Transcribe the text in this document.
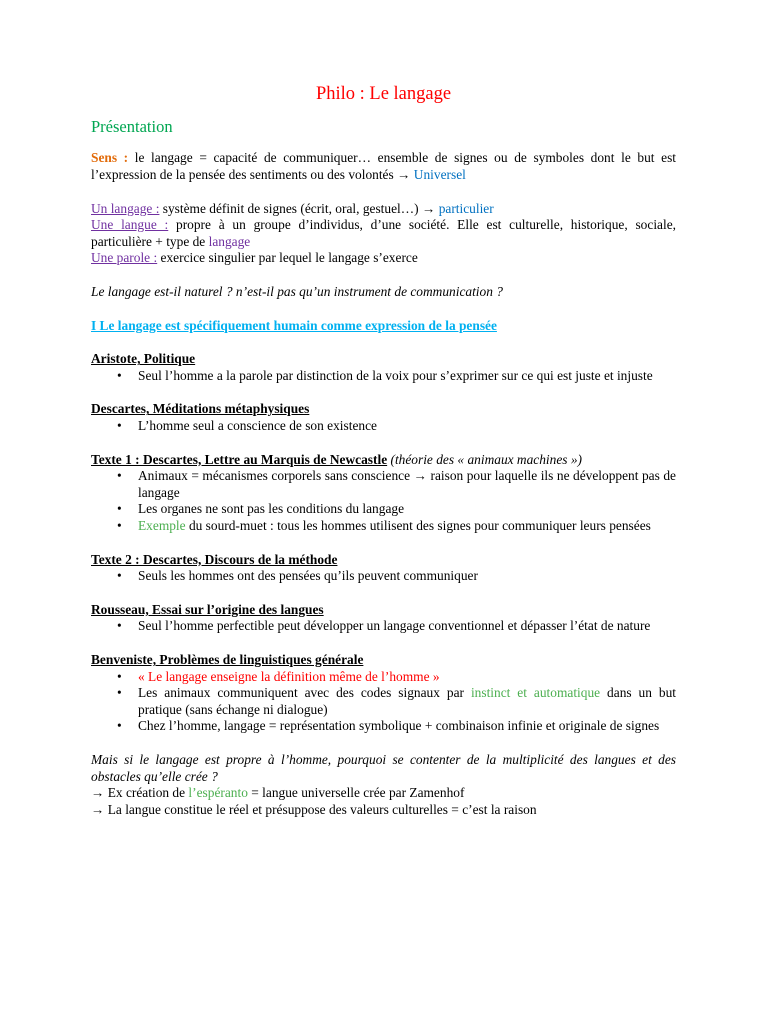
Philo : Le langage
Présentation

Sens : le langage = capacité de communiquer… ensemble de signes ou de symboles dont le but est l’expression de la pensée des sentiments ou des volontés → Universel

Un langage : système définit de signes (écrit, oral, gestuel…) → particulier

Une langue : propre à un groupe d’individus, d’une société. Elle est culturelle, historique, sociale, particulière + type de langage

Une parole : exercice singulier par lequel le langage s’exerce

Le langage est-il naturel ? n’est-il pas qu’un instrument de communication ?

I Le langage est spécifiquement humain comme expression de la pensée

Aristote, Politique

• Seul l’homme a la parole par distinction de la voix pour s’exprimer sur ce qui est juste et injuste

Descartes, Méditations métaphysiques

• L’homme seul a conscience de son existence

Texte 1 : Descartes, Lettre au Marquis de Newcastle (théorie des « animaux machines »)

• Animaux = mécanismes corporels sans conscience → raison pour laquelle ils ne développent pas de langage
• Les organes ne sont pas les conditions du langage
• Exemple du sourd-muet : tous les hommes utilisent des signes pour communiquer leurs pensées

Texte 2 : Descartes, Discours de la méthode

• Seuls les hommes ont des pensées qu’ils peuvent communiquer

Rousseau, Essai sur l’origine des langues

• Seul l’homme perfectible peut développer un langage conventionnel et dépasser l’état de nature

Benveniste, Problèmes de linguistiques générale

• « Le langage enseigne la définition même de l’homme »
• Les animaux communiquent avec des codes signaux par instinct et automatique dans un but pratique (sans échange ni dialogue)
• Chez l’homme, langage = représentation symbolique + combinaison infinie et originale de signes

Mais si le langage est propre à l’homme, pourquoi se contenter de la multiplicité des langues et des obstacles qu’elle crée ?

→ Ex création de l’espéranto = langue universelle crée par Zamenhof

→ La langue constitue le réel et présuppose des valeurs culturelles = c’est la raison
